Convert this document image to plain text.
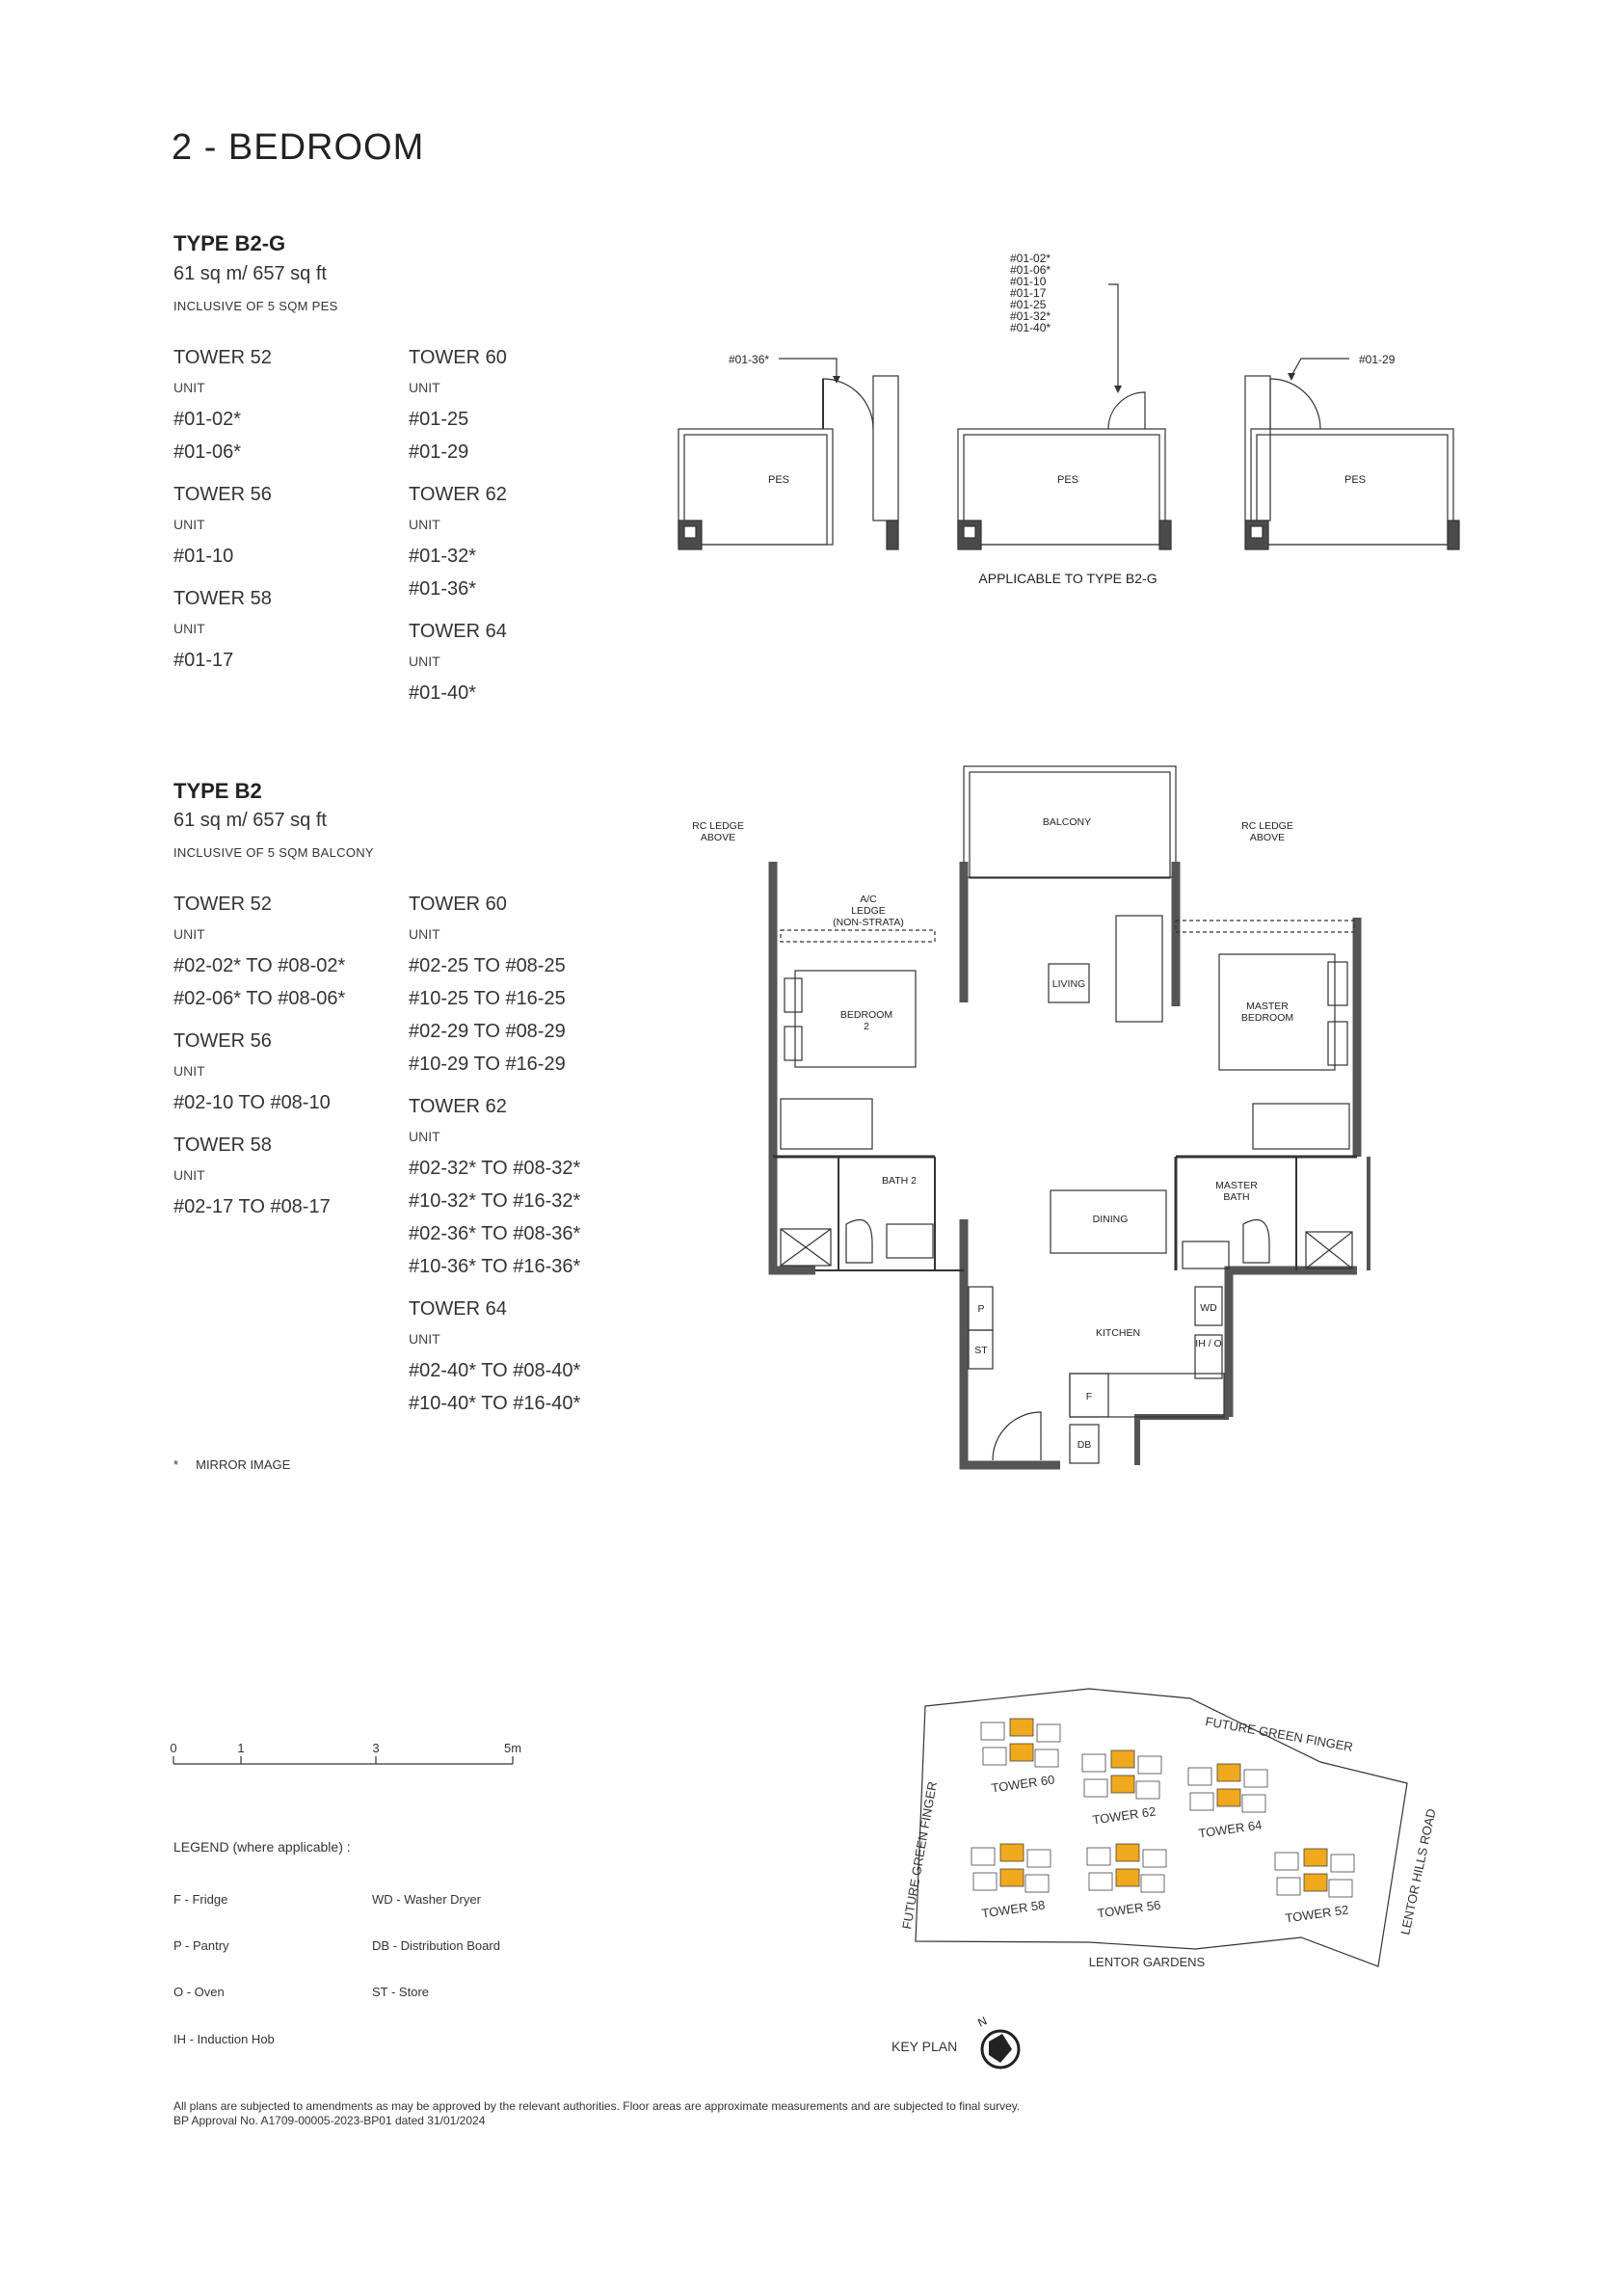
2 - BEDROOM
TYPE B2-G
61 sq m/ 657 sq ft
INCLUSIVE OF 5 SQM PES
TOWER 52
UNIT
#01-02*
#01-06*
TOWER 56
UNIT
#01-10
TOWER 58
UNIT
#01-17
TOWER 60
UNIT
#01-25
#01-29
TOWER 62
UNIT
#01-32*
#01-36*
TOWER 64
UNIT
#01-40*
TYPE B2
61 sq m/ 657 sq ft
INCLUSIVE OF 5 SQM BALCONY
TOWER 52
UNIT
#02-02* TO #08-02*
#02-06* TO #08-06*
TOWER 56
UNIT
#02-10 TO #08-10
TOWER 58
UNIT
#02-17 TO #08-17
TOWER 60
UNIT
#02-25 TO #08-25
#10-25 TO #16-25
#02-29 TO #08-29
#10-29 TO #16-29
TOWER 62
UNIT
#02-32* TO #08-32*
#10-32* TO #16-32*
#02-36* TO #08-36*
#10-36* TO #16-36*
TOWER 64
UNIT
#02-40* TO #08-40*
#10-40* TO #16-40*
*     MIRROR IMAGE
#01-36*
#01-02*
#01-06*
#01-10
#01-17
#01-25
#01-32*
#01-40*
#01-29
PES	PES	PES
APPLICABLE TO TYPE B2-G
RC LEDGE
ABOVE
RC LEDGE
ABOVE
BALCONY
A/C
LEDGE
(NON-STRATA)
LIVING
BEDROOM
2
MASTER
BEDROOM
BATH 2
DINING
MASTER
BATH
WD
IH / O
KITCHEN
P
ST
F
DB
0	1	3	5m
LEGEND (where applicable) :
F - Fridge
P - Pantry
O - Oven
IH - Induction Hob
WD - Washer Dryer
DB - Distribution Board
ST - Store
TOWER 60
TOWER 62
TOWER 64
TOWER 58	TOWER 56	TOWER 52
FUTURE GREEN FINGER
FUTURE GREEN FINGER	LENTOR HILLS ROAD
LENTOR GARDENS
KEY PLAN
N
All plans are subjected to amendments as may be approved by the relevant authorities. Floor areas are approximate measurements and are subjected to final survey.
BP Approval No. A1709-00005-2023-BP01 dated 31/01/2024
